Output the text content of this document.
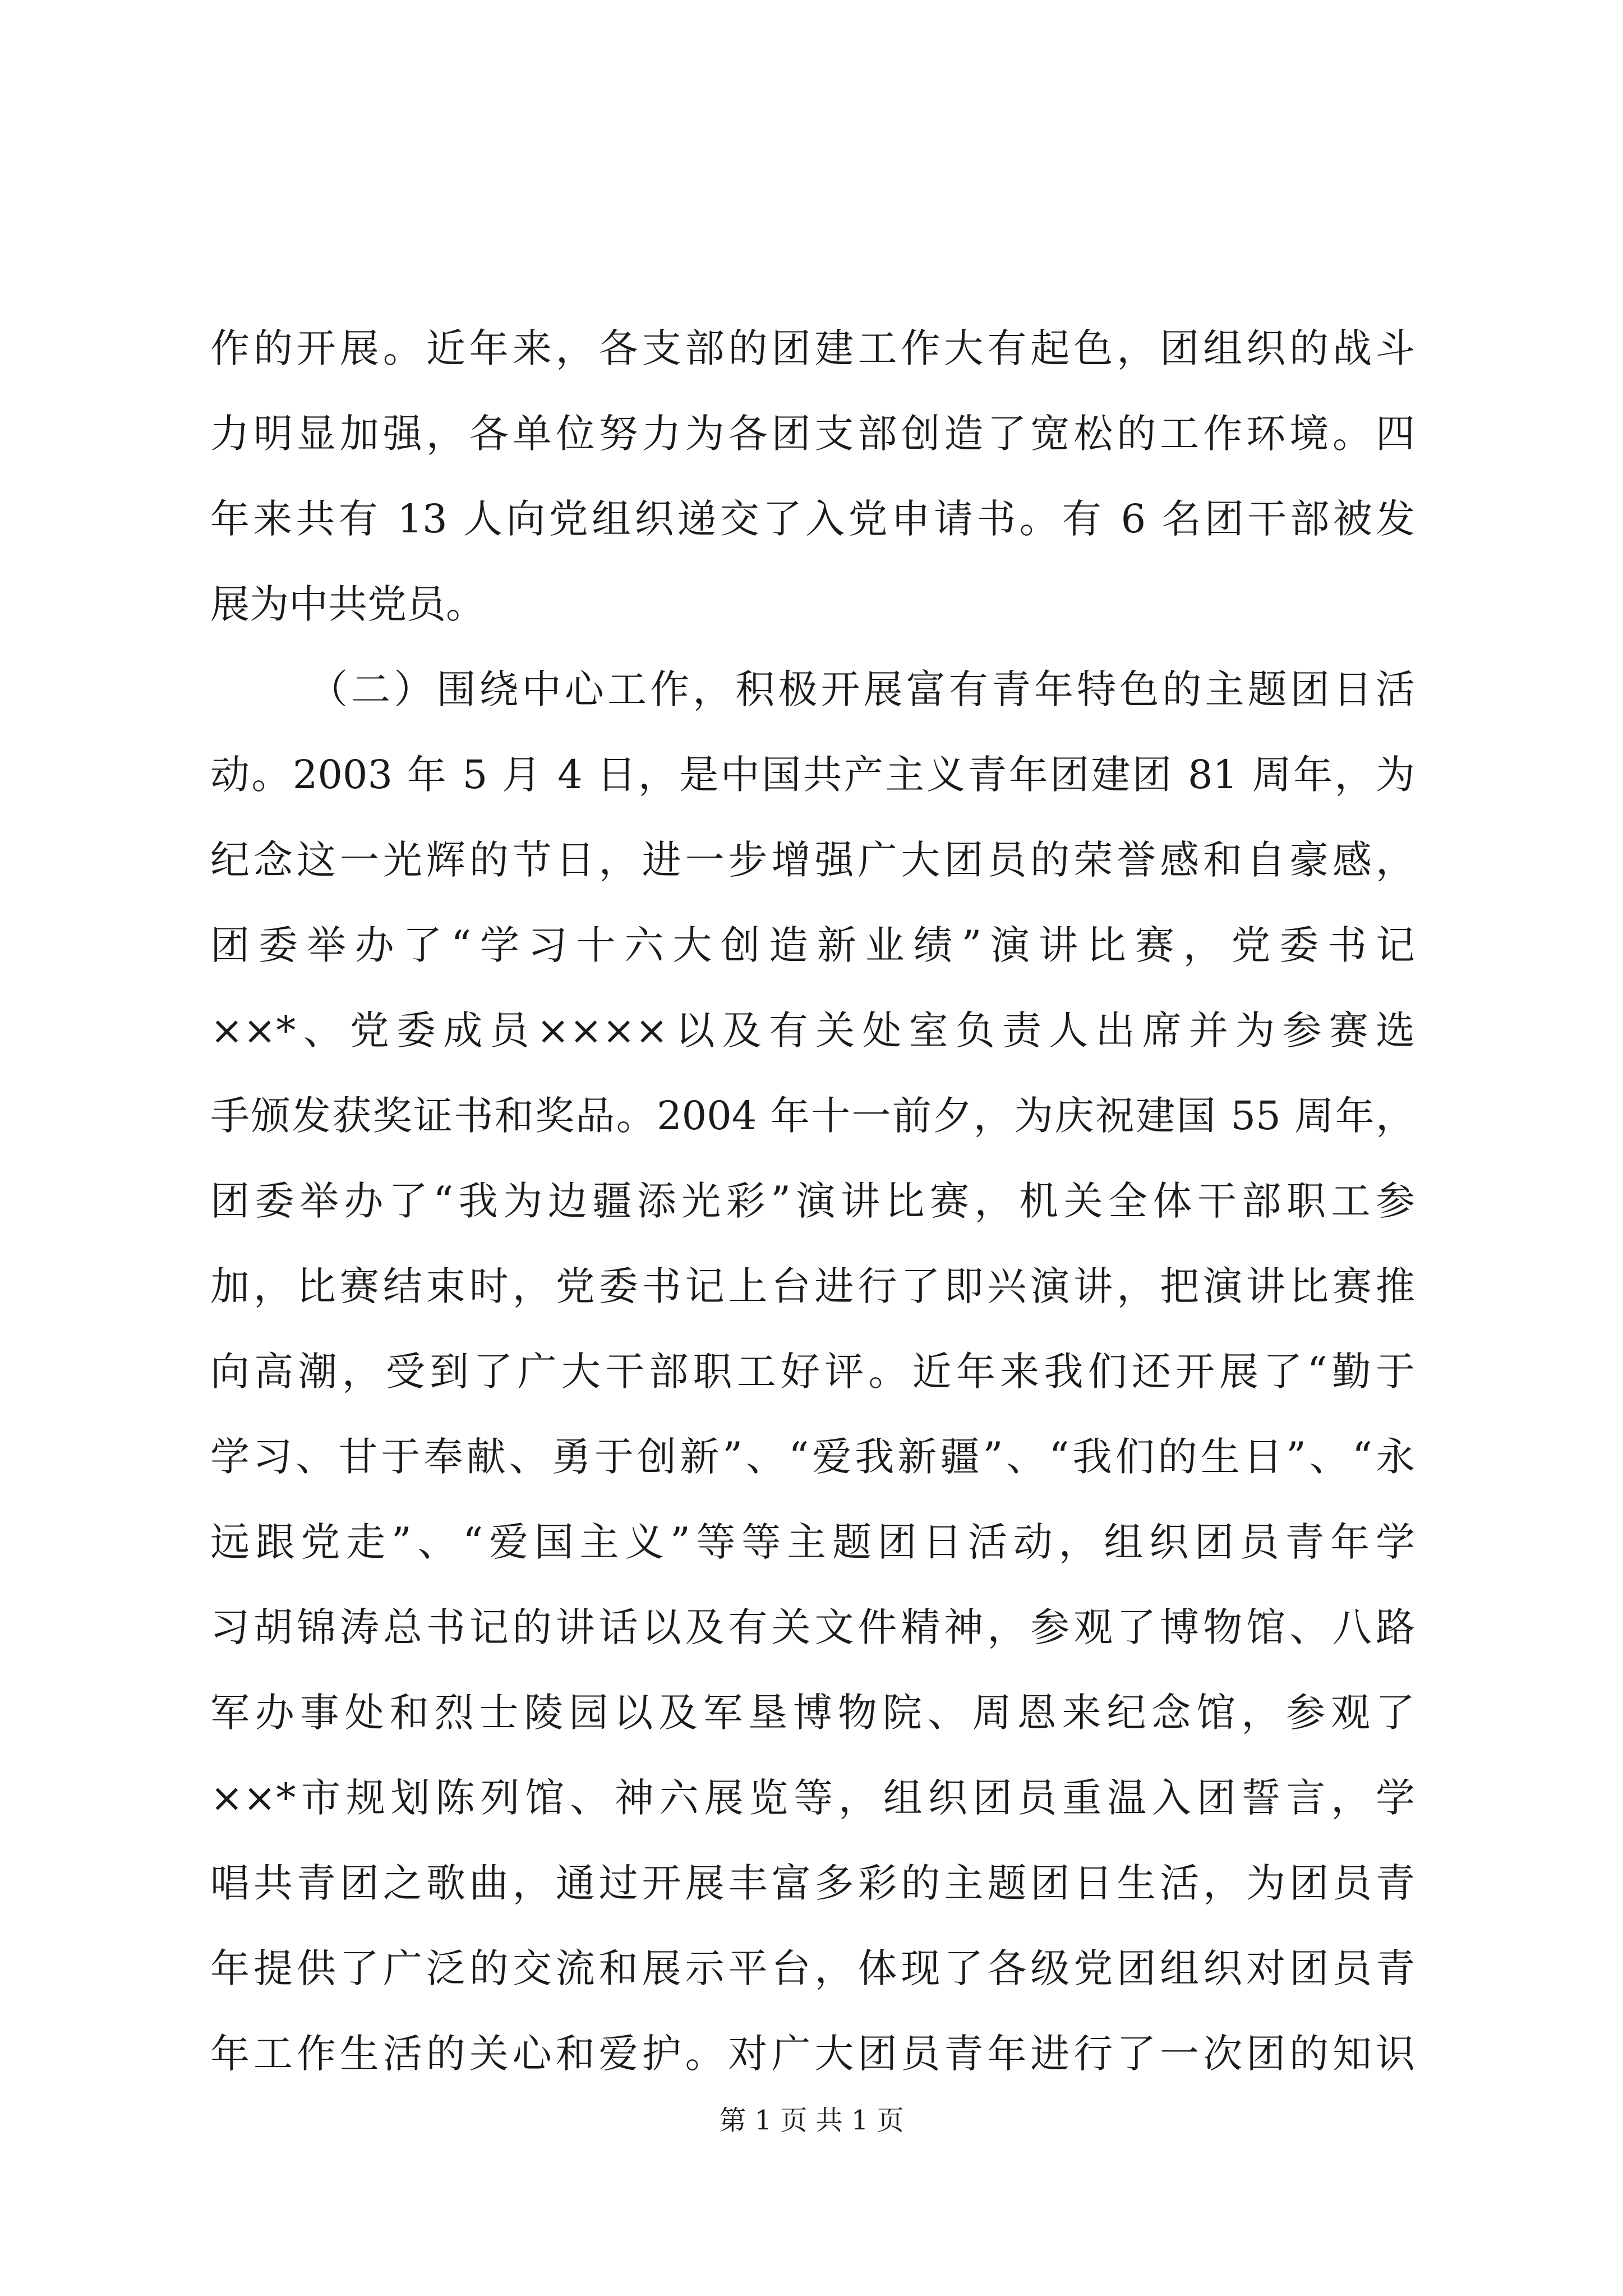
作的开展。近年来，各支部的团建工作大有起色，团组织的战斗
力明显加强，各单位努力为各团支部创造了宽松的工作环境。四
年来共有 13 人向党组织递交了入党申请书。有 6 名团干部被发
展为中共党员。
（二）围绕中心工作，积极开展富有青年特色的主题团日活
动。2003 年 5 月 4 日，是中国共产主义青年团建团 81 周年，为
纪念这一光辉的节日，进一步增强广大团员的荣誉感和自豪感，
团委举办了“学习十六大创造新业绩”演讲比赛，党委书记
××*、党委成员××××以及有关处室负责人出席并为参赛选
手颁发获奖证书和奖品。2004 年十一前夕，为庆祝建国 55 周年，
团委举办了“我为边疆添光彩”演讲比赛，机关全体干部职工参
加，比赛结束时，党委书记上台进行了即兴演讲，把演讲比赛推
向高潮，受到了广大干部职工好评。近年来我们还开展了“勤于
学习、甘于奉献、勇于创新”、“爱我新疆”、“我们的生日”、“永
远跟党走”、“爱国主义”等等主题团日活动，组织团员青年学
习胡锦涛总书记的讲话以及有关文件精神，参观了博物馆、八路
军办事处和烈士陵园以及军垦博物院、周恩来纪念馆，参观了
××*市规划陈列馆、神六展览等，组织团员重温入团誓言，学
唱共青团之歌曲，通过开展丰富多彩的主题团日生活，为团员青
年提供了广泛的交流和展示平台，体现了各级党团组织对团员青
年工作生活的关心和爱护。对广大团员青年进行了一次团的知识
第 1 页 共 1 页
